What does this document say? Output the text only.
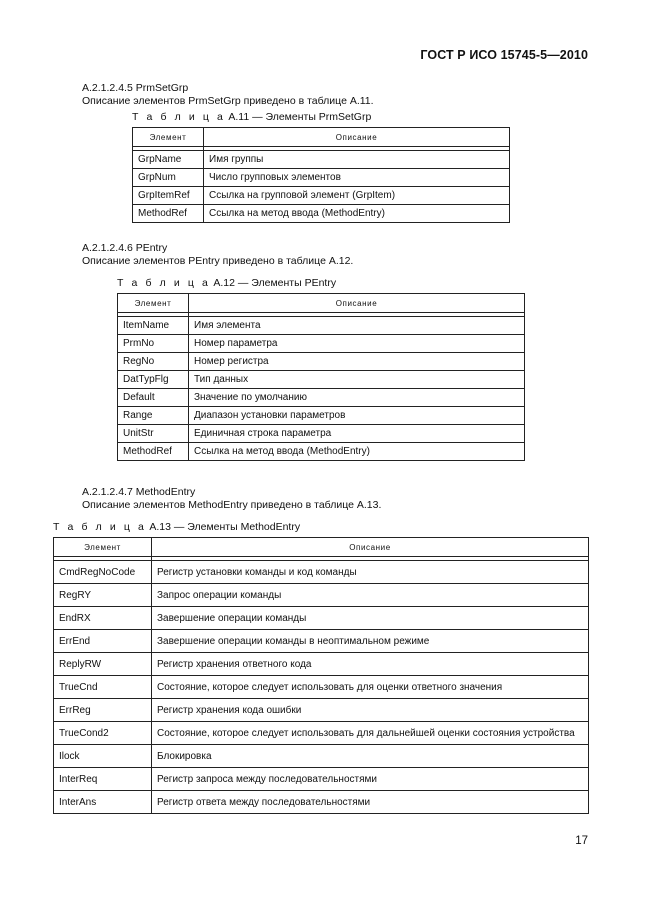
ГОСТ Р ИСО 15745-5—2010
A.2.1.2.4.5 PrmSetGrp
Описание элементов PrmSetGrp приведено в таблице A.11.
Т а б л и ц а A.11 — Элементы PrmSetGrp
Элемент	Описание

GrpName	Имя группы
GrpNum	Число групповых элементов
GrpItemRef	Ссылка на групповой элемент (GrpItem)
MethodRef	Ссылка на метод ввода (MethodEntry)
A.2.1.2.4.6 PEntry
Описание элементов PEntry приведено в таблице A.12.
Т а б л и ц а A.12 — Элементы PEntry
Элемент	Описание

ItemName	Имя элемента
PrmNo	Номер параметра
RegNo	Номер регистра
DatTypFlg	Тип данных
Default	Значение по умолчанию
Range	Диапазон установки параметров
UnitStr	Единичная строка параметра
MethodRef	Ссылка на метод ввода (MethodEntry)
A.2.1.2.4.7 MethodEntry
Описание элементов MethodEntry приведено в таблице A.13.
Т а б л и ц а A.13 — Элементы MethodEntry
Элемент	Описание

CmdRegNoCode	Регистр установки команды и код команды
RegRY	Запрос операции команды
EndRX	Завершение операции команды
ErrEnd	Завершение операции команды в неоптимальном режиме
ReplyRW	Регистр хранения ответного кода
TrueCnd	Состояние, которое следует использовать для оценки ответного значения
ErrReg	Регистр хранения кода ошибки
TrueCond2	Состояние, которое следует использовать для дальнейшей оценки состояния устройства
Ilock	Блокировка
InterReq	Регистр запроса между последовательностями
InterAns	Регистр ответа между последовательностями
17
